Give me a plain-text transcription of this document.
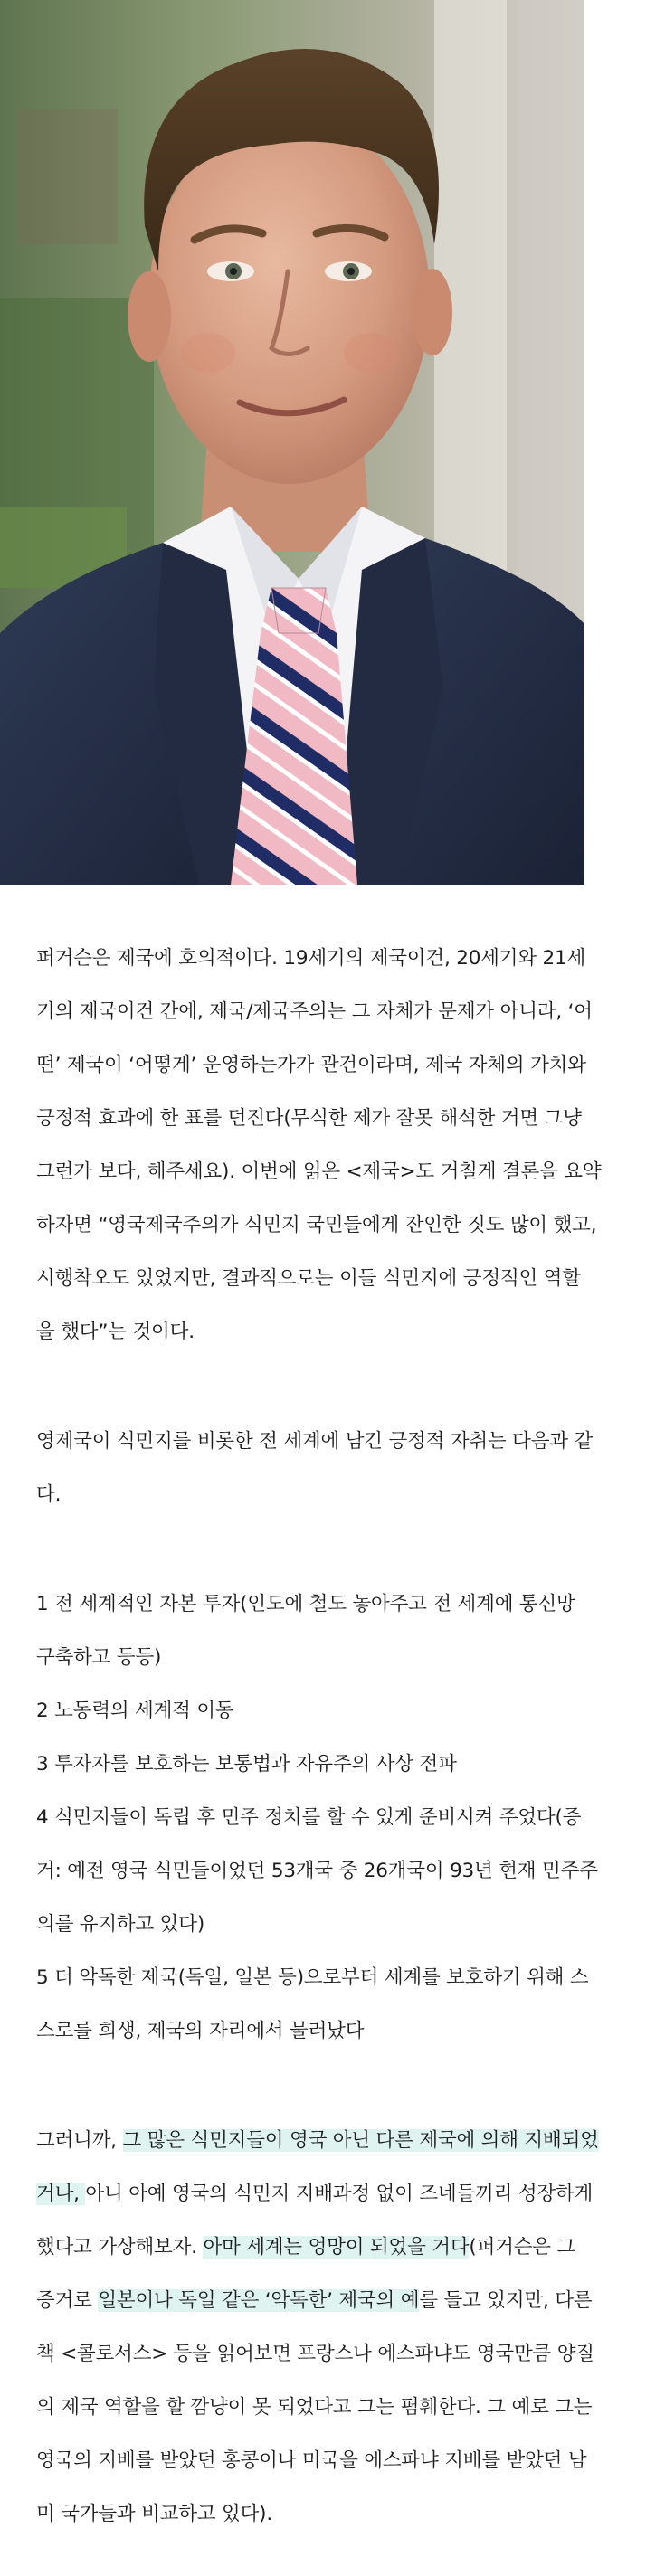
퍼거슨은 제국에 호의적이다. 19세기의 제국이건, 20세기와 21세
기의 제국이건 간에, 제국/제국주의는 그 자체가 문제가 아니라, ‘어
떤’ 제국이 ‘어떻게’ 운영하는가가 관건이라며, 제국 자체의 가치와
긍정적 효과에 한 표를 던진다(무식한 제가 잘못 해석한 거면 그냥
그런가 보다, 해주세요). 이번에 읽은 <제국>도 거칠게 결론을 요약
하자면 “영국제국주의가 식민지 국민들에게 잔인한 짓도 많이 했고,
시행착오도 있었지만, 결과적으로는 이들 식민지에 긍정적인 역할
을 했다”는 것이다.
영제국이 식민지를 비롯한 전 세계에 남긴 긍정적 자취는 다음과 같
다.
1 전 세계적인 자본 투자(인도에 철도 놓아주고 전 세계에 통신망
구축하고 등등)
2 노동력의 세계적 이동
3 투자자를 보호하는 보통법과 자유주의 사상 전파
4 식민지들이 독립 후 민주 정치를 할 수 있게 준비시켜 주었다(증
거: 예전 영국 식민들이었던 53개국 중 26개국이 93년 현재 민주주
의를 유지하고 있다)
5 더 악독한 제국(독일, 일본 등)으로부터 세계를 보호하기 위해 스
스로를 희생, 제국의 자리에서 물러났다
그러니까, 그 많은 식민지들이 영국 아닌 다른 제국에 의해 지배되었
거나, 아니 아예 영국의 식민지 지배과정 없이 즈네들끼리 성장하게
했다고 가상해보자. 아마 세계는 엉망이 되었을 거다(퍼거슨은 그
증거로 일본이나 독일 같은 ‘악독한’ 제국의 예를 들고 있지만, 다른
책 <콜로서스> 등을 읽어보면 프랑스나 에스파냐도 영국만큼 양질
의 제국 역할을 할 깜냥이 못 되었다고 그는 폄훼한다. 그 예로 그는
영국의 지배를 받았던 홍콩이나 미국을 에스파냐 지배를 받았던 남
미 국가들과 비교하고 있다).
